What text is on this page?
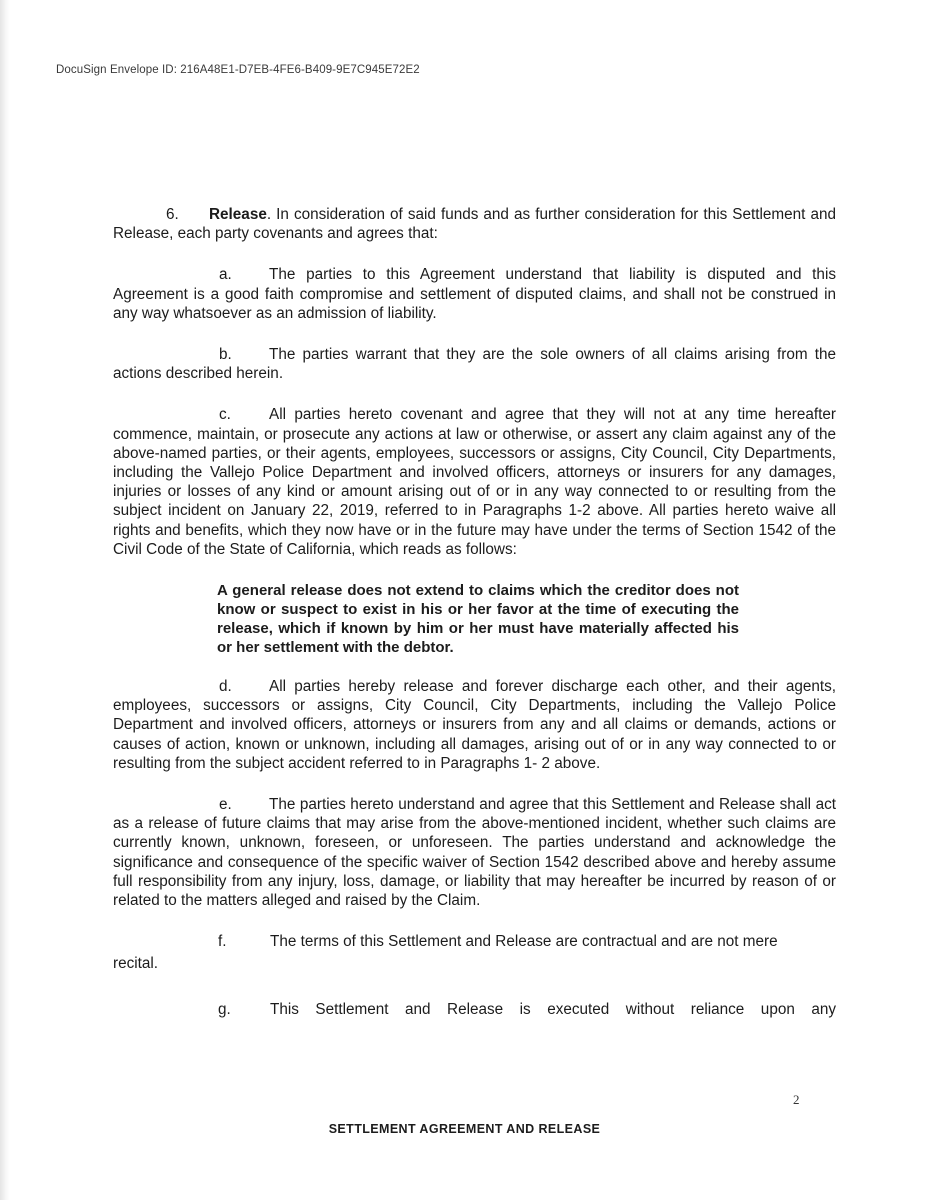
DocuSign Envelope ID: 216A48E1-D7EB-4FE6-B409-9E7C945E72E2

6. Release. In consideration of said funds and as further consideration for this Settlement and Release, each party covenants and agrees that:

a. The parties to this Agreement understand that liability is disputed and this Agreement is a good faith compromise and settlement of disputed claims, and shall not be construed in any way whatsoever as an admission of liability.

b. The parties warrant that they are the sole owners of all claims arising from the actions described herein.

c. All parties hereto covenant and agree that they will not at any time hereafter commence, maintain, or prosecute any actions at law or otherwise, or assert any claim against any of the above-named parties, or their agents, employees, successors or assigns, City Council, City Departments, including the Vallejo Police Department and involved officers, attorneys or insurers for any damages, injuries or losses of any kind or amount arising out of or in any way connected to or resulting from the subject incident on January 22, 2019, referred to in Paragraphs 1-2 above. All parties hereto waive all rights and benefits, which they now have or in the future may have under the terms of Section 1542 of the Civil Code of the State of California, which reads as follows:

A general release does not extend to claims which the creditor does not know or suspect to exist in his or her favor at the time of executing the release, which if known by him or her must have materially affected his or her settlement with the debtor.

d. All parties hereby release and forever discharge each other, and their agents, employees, successors or assigns, City Council, City Departments, including the Vallejo Police Department and involved officers, attorneys or insurers from any and all claims or demands, actions or causes of action, known or unknown, including all damages, arising out of or in any way connected to or resulting from the subject accident referred to in Paragraphs 1- 2 above.

e. The parties hereto understand and agree that this Settlement and Release shall act as a release of future claims that may arise from the above-mentioned incident, whether such claims are currently known, unknown, foreseen, or unforeseen. The parties understand and acknowledge the significance and consequence of the specific waiver of Section 1542 described above and hereby assume full responsibility from any injury, loss, damage, or liability that may hereafter be incurred by reason of or related to the matters alleged and raised by the Claim.

f.	The terms of this Settlement and Release are contractual and are not mere
recital.
g.	This Settlement and Release is executed without reliance upon any
2
SETTLEMENT AGREEMENT AND RELEASE
